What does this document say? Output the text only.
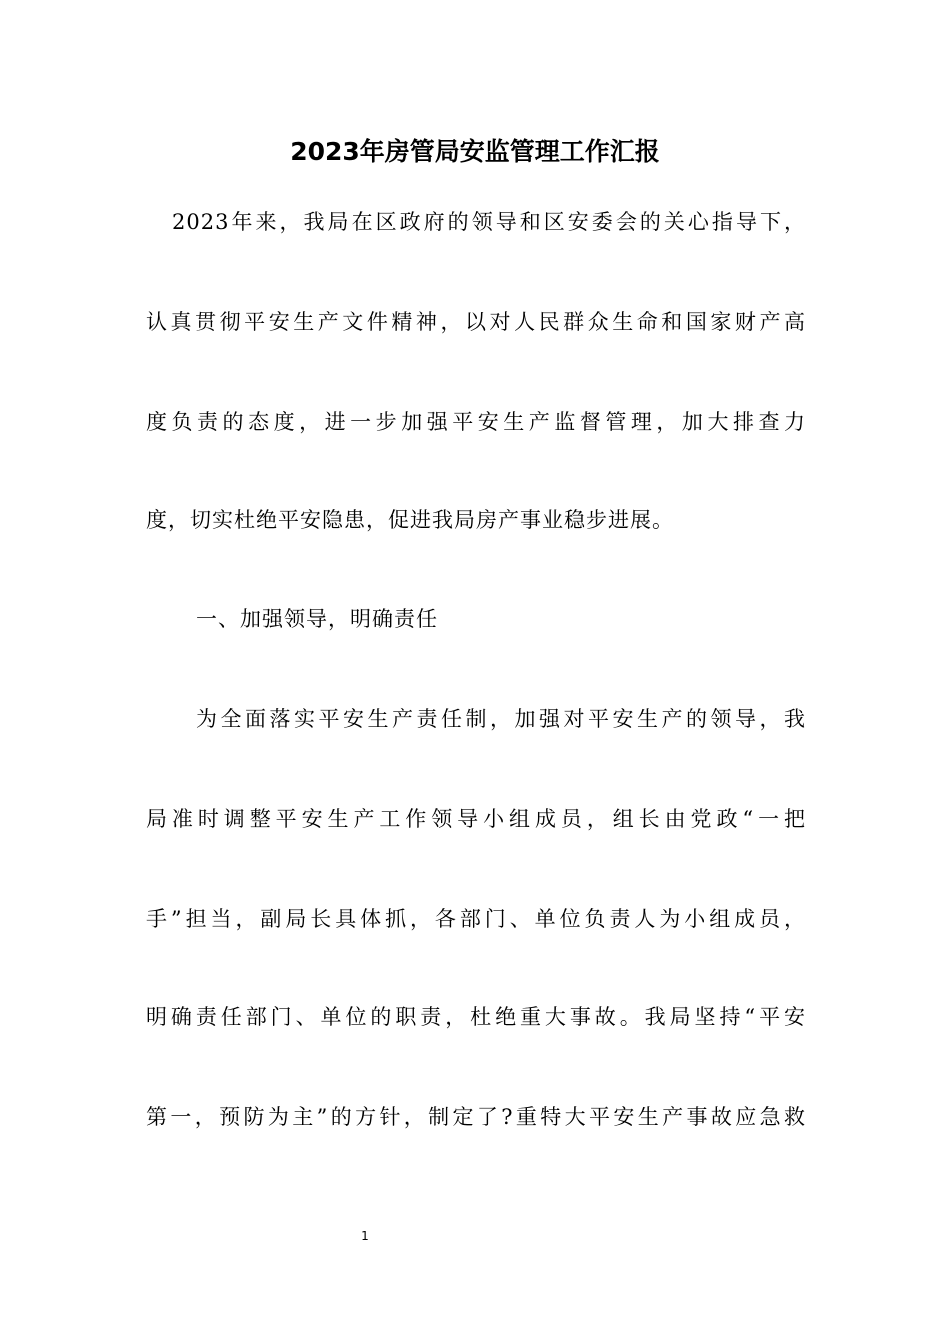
2023年房管局安监管理工作汇报
2023年来，我局在区政府的领导和区安委会的关心指导下，
认真贯彻平安生产文件精神，以对人民群众生命和国家财产高
度负责的态度，进一步加强平安生产监督管理，加大排查力
度，切实杜绝平安隐患，促进我局房产事业稳步进展。
一、加强领导，明确责任
为全面落实平安生产责任制，加强对平安生产的领导，我
局准时调整平安生产工作领导小组成员，组长由党政“一把
手”担当，副局长具体抓，各部门、单位负责人为小组成员，
明确责任部门、单位的职责，杜绝重大事故。我局坚持“平安
第一，预防为主”的方针，制定了?重特大平安生产事故应急救
1
